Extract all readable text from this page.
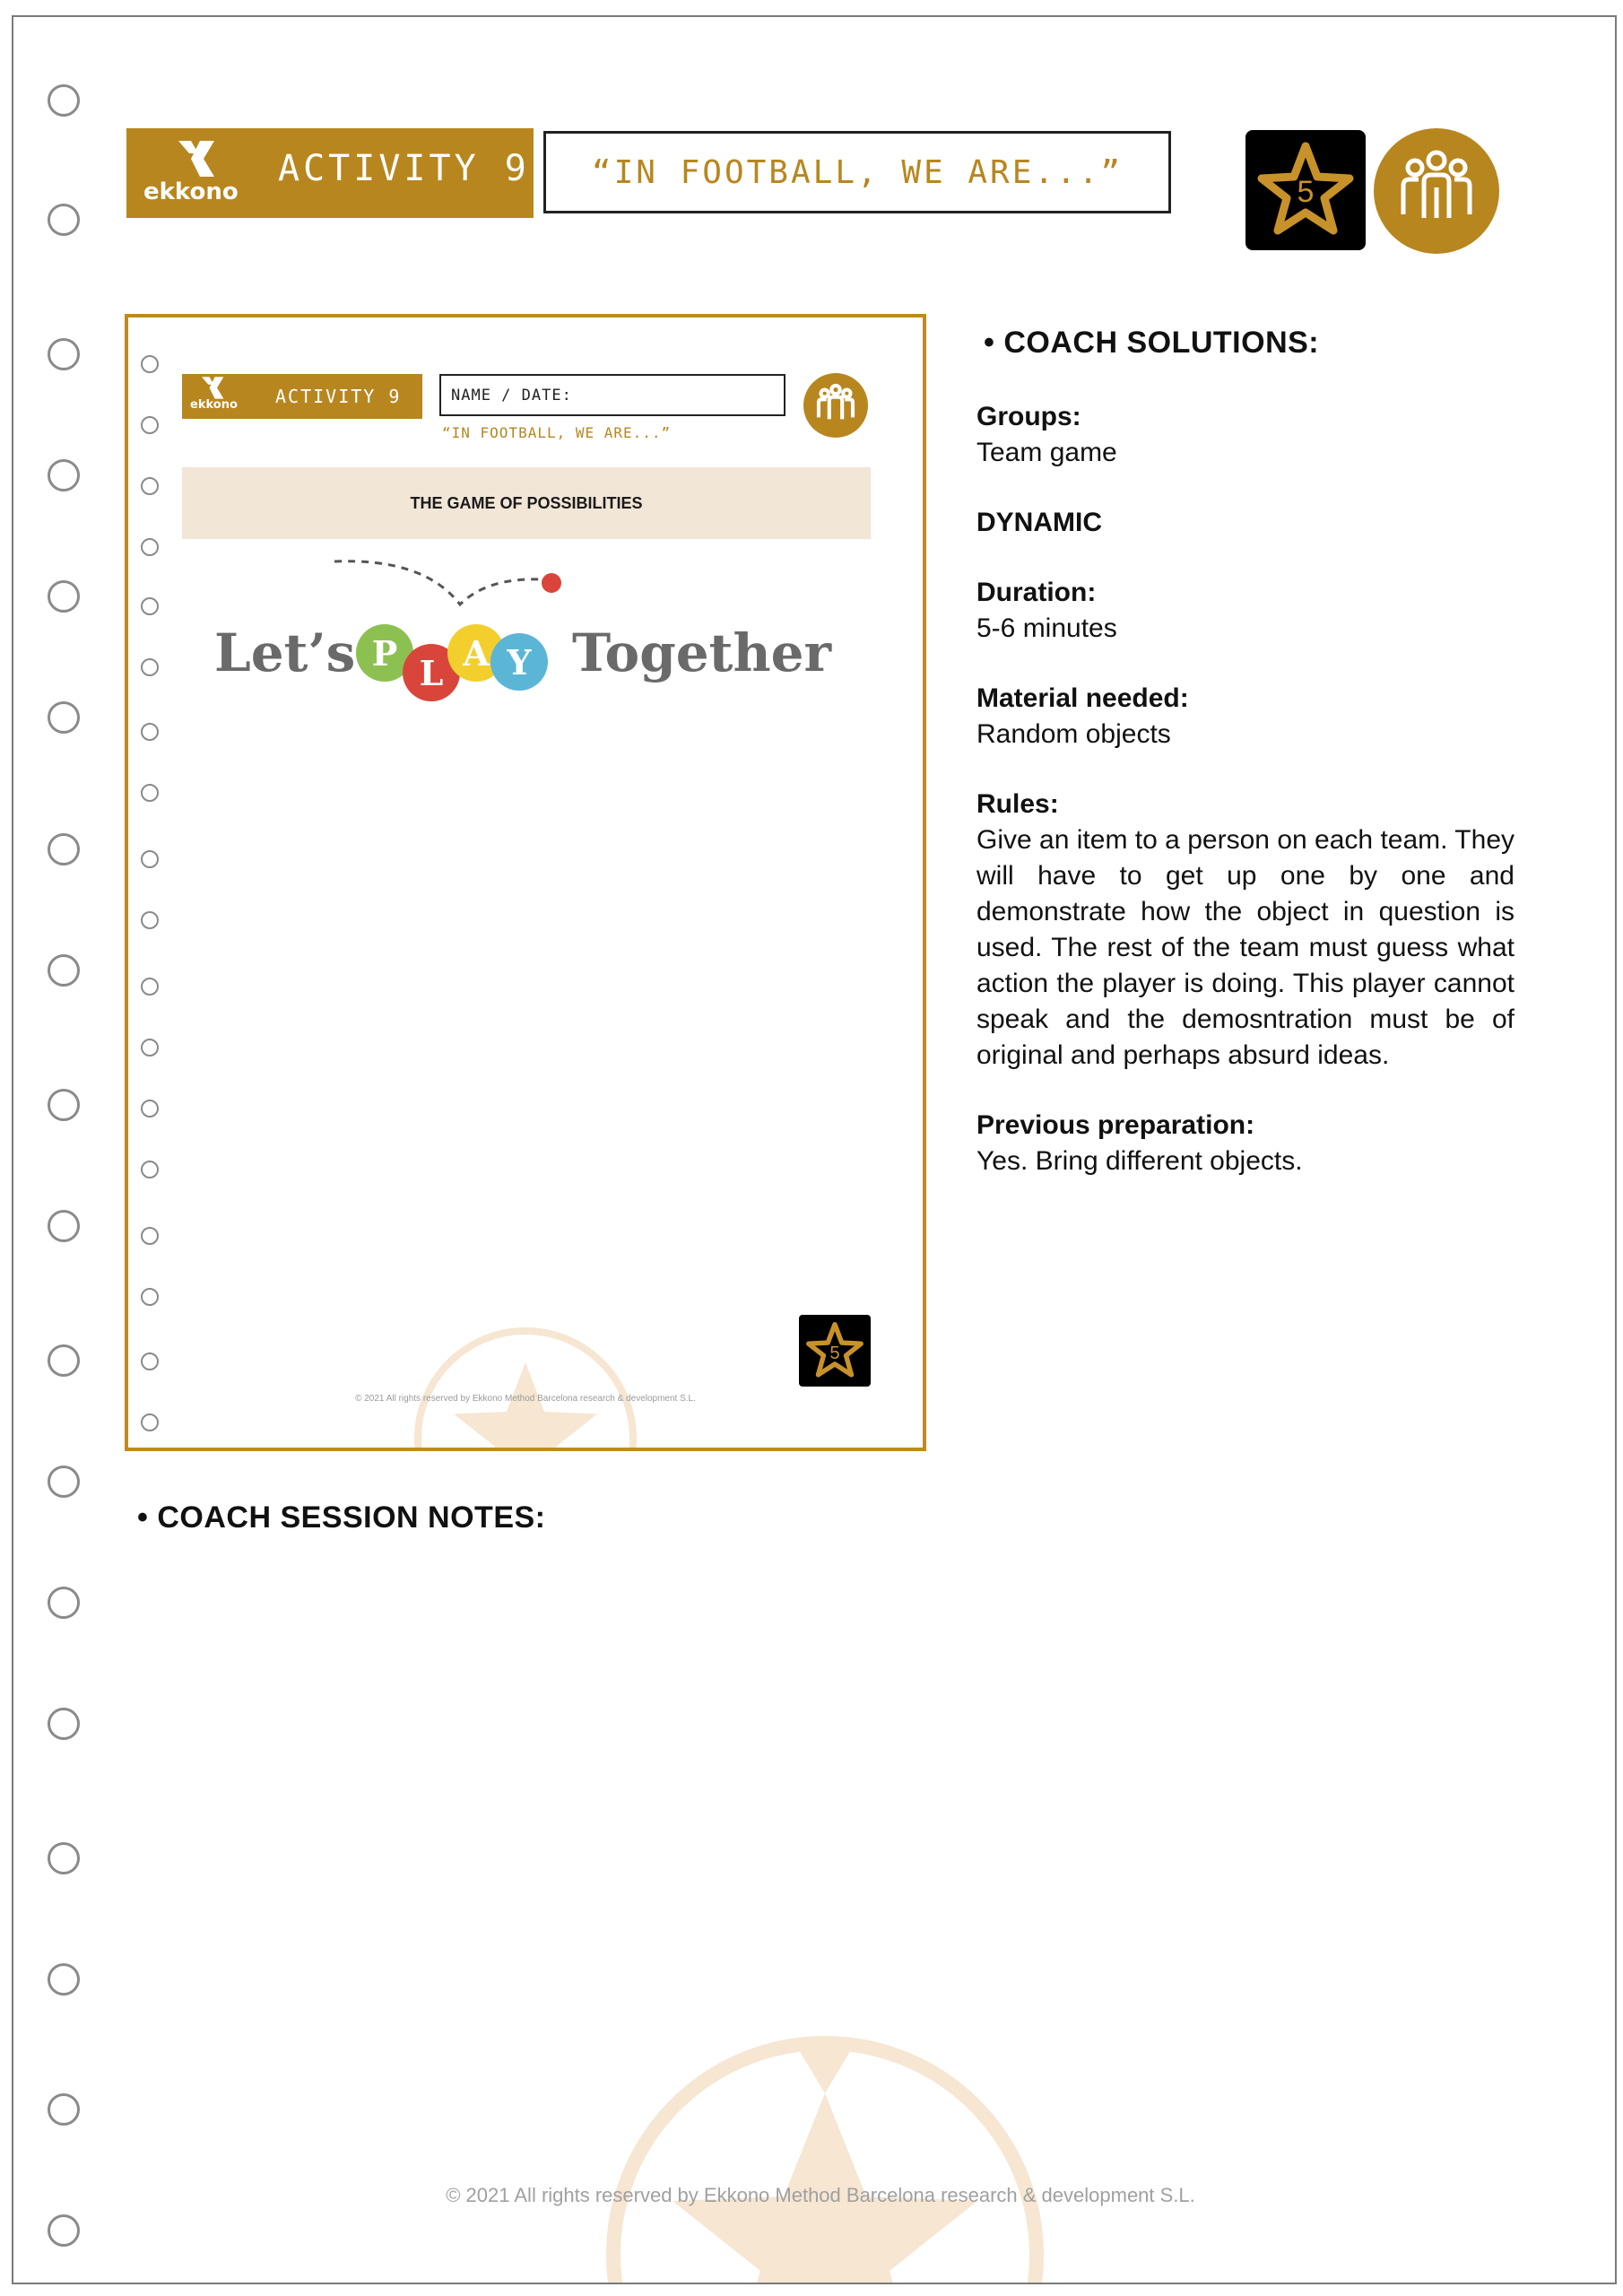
ekkono
ACTIVITY 9	“IN FOOTBALL, WE ARE...”
5
ekkono ACTIVITY 9	NAME / DATE:
“IN FOOTBALL, WE ARE...”
THE GAME OF POSSIBILITIES
Let’s P L A Y Together
5
© 2021 All rights reserved by Ekkono Method Barcelona research & development S.L.
• COACH SOLUTIONS:
Groups:
Team game
DYNAMIC
Duration:
5-6 minutes
Material needed:
Random objects
Rules:
Give an item to a person on each team. They will have to get up one by one and demonstrate how the object in question is used. The rest of the team must guess what action the player is doing. This player cannot speak and the demosntration must be of original and perhaps absurd ideas.
Previous preparation:
Yes. Bring different objects.
• COACH SESSION NOTES:
© 2021 All rights reserved by Ekkono Method Barcelona research & development S.L.
